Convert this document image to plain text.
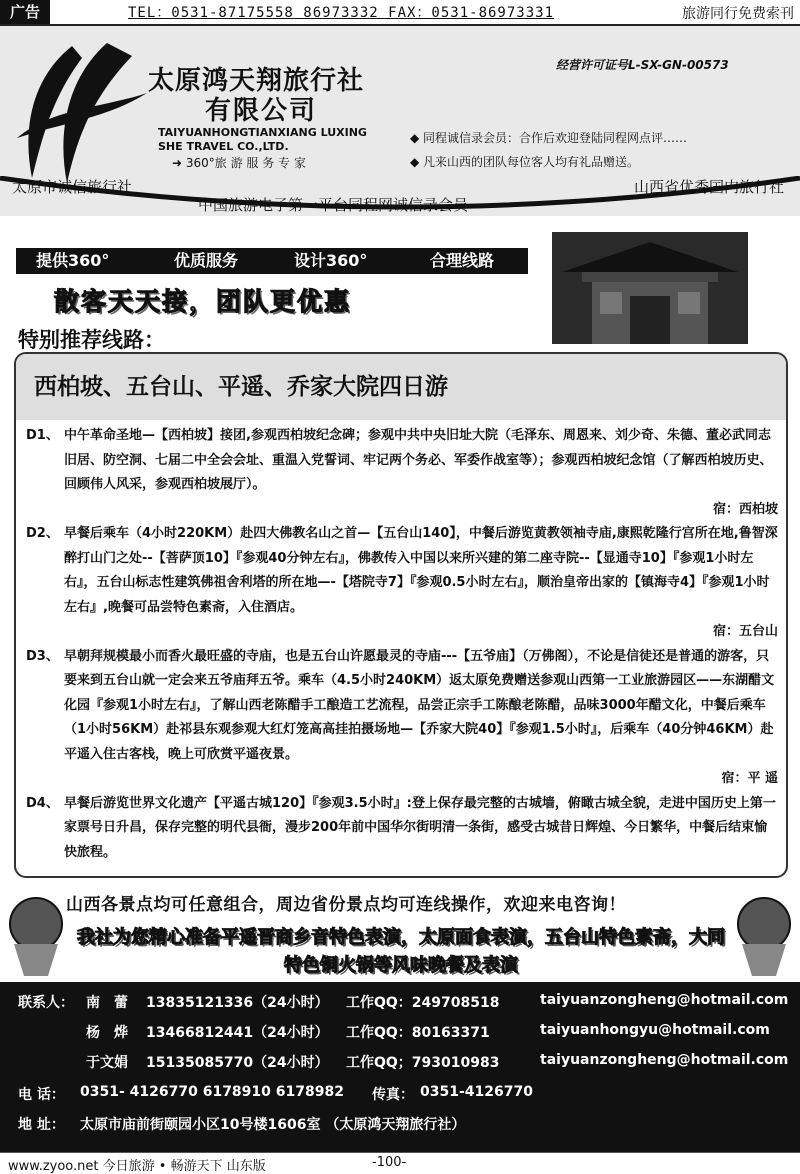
广告	TEL：0531-87175558 86973332 FAX：0531-86973331	旅游同行免费索刊
太原鸿天翔旅行社
有限公司
TAIYUANHONGTIANXIANG LUXING
SHE TRAVEL CO.,LTD.
➜ 360°旅 游 服 务 专 家
经营许可证号L-SX-GN-00573
◆ 同程诚信录会员：合作后欢迎登陆同程网点评……
◆ 凡来山西的团队每位客人均有礼品赠送。
太原市诚信旅行社
中国旅游电子第一平台同程网诚信录会员
山西省优秀国内旅行社
提供360°	优质服务	设计360°	合理线路
散客天天接，团队更优惠
特别推荐线路：
西柏坡、五台山、平遥、乔家大院四日游
D1、 中午革命圣地—【西柏坡】接团,参观西柏坡纪念碑；参观中共中央旧址大院（毛泽东、周恩来、刘少奇、朱德、董必武同志旧居、防空洞、七届二中全会会址、重温入党誓词、牢记两个务必、军委作战室等）；参观西柏坡纪念馆（了解西柏坡历史、回顾伟人风采，参观西柏坡展厅）。
宿：西柏坡
D2、 早餐后乘车（4小时220KM）赴四大佛教名山之首—【五台山140】，中餐后游览黄教领袖寺庙,康熙乾隆行宫所在地,鲁智深醉打山门之处--【菩萨顶10】『参观40分钟左右』，佛教传入中国以来所兴建的第二座寺院--【显通寺10】『参观1小时左右』，五台山标志性建筑佛祖舍利塔的所在地—-【塔院寺7】『参观0.5小时左右』，顺治皇帝出家的【镇海寺4】『参观1小时左右』,晚餐可品尝特色素斋，入住酒店。
宿：五台山
D3、 早朝拜规模最小而香火最旺盛的寺庙，也是五台山许愿最灵的寺庙---【五爷庙】（万佛阁），不论是信徒还是普通的游客，只要来到五台山就一定会来五爷庙拜五爷。乘车（4.5小时240KM）返太原免费赠送参观山西第一工业旅游园区——东湖醋文化园『参观1小时左右』，了解山西老陈醋手工酿造工艺流程，品尝正宗手工陈酿老陈醋，品味3000年醋文化，中餐后乘车（1小时56KM）赴祁县东观参观大红灯笼高高挂拍摄场地—【乔家大院40】『参观1.5小时』，后乘车（40分钟46KM）赴平遥入住古客栈，晚上可欣赏平遥夜景。
宿：平 遥
D4、 早餐后游览世界文化遗产【平遥古城120】『参观3.5小时』:登上保存最完整的古城墙，俯瞰古城全貌，走进中国历史上第一家票号日升昌，保存完整的明代县衙，漫步200年前中国华尔街明清一条街，感受古城昔日辉煌、今日繁华，中餐后结束愉快旅程。
山西各景点均可任意组合，周边省份景点均可连线操作，欢迎来电咨询！
我社为您精心准备平遥晋商乡音特色表演，太原面食表演，五台山特色素斋，大同特色铜火锅等风味晚餐及表演
联系人： 南　蕾 13835121336（24小时） 工作QQ：249708518	taiyuanzongheng@hotmail.com
杨　烨 13466812441（24小时） 工作QQ：80163371	taiyuanhongyu@hotmail.com
于文娟 15135085770（24小时） 工作QQ；793010983	taiyuanzongheng@hotmail.com
电 话： 0351- 4126770 6178910 6178982 传真： 0351-4126770
地 址： 太原市庙前街颐园小区10号楼1606室 （太原鸿天翔旅行社）
www.zyoo.net 今日旅游 • 畅游天下 山东版	-100-
